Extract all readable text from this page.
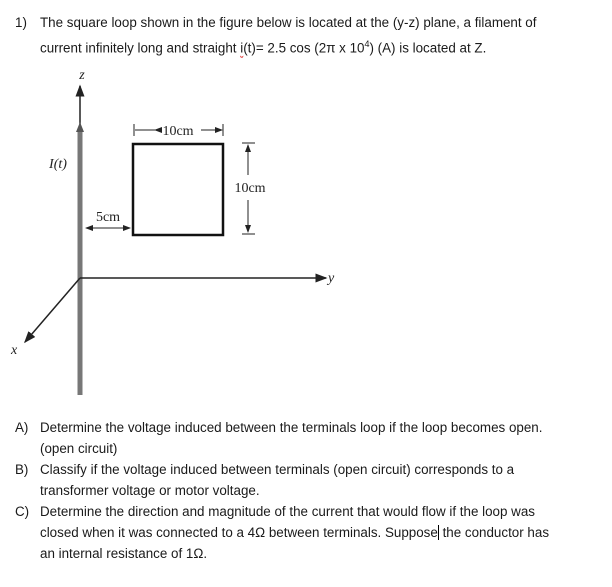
1) The square loop shown in the figure below is located at the (y-z) plane, a filament of
current infinitely long and straight i(t)= 2.5 cos (2π x $10^4$) (A) is located at Z.
10cm
10cm
5cm
I(t)
z
y
x
A) Determine the voltage induced between the terminals loop if the loop becomes open.
(open circuit)
B) Classify if the voltage induced between terminals (open circuit) corresponds to a
transformer voltage or motor voltage.
C) Determine the direction and magnitude of the current that would flow if the loop was
closed when it was connected to a 4Ω between terminals. Suppose the conductor has
an internal resistance of 1Ω.
